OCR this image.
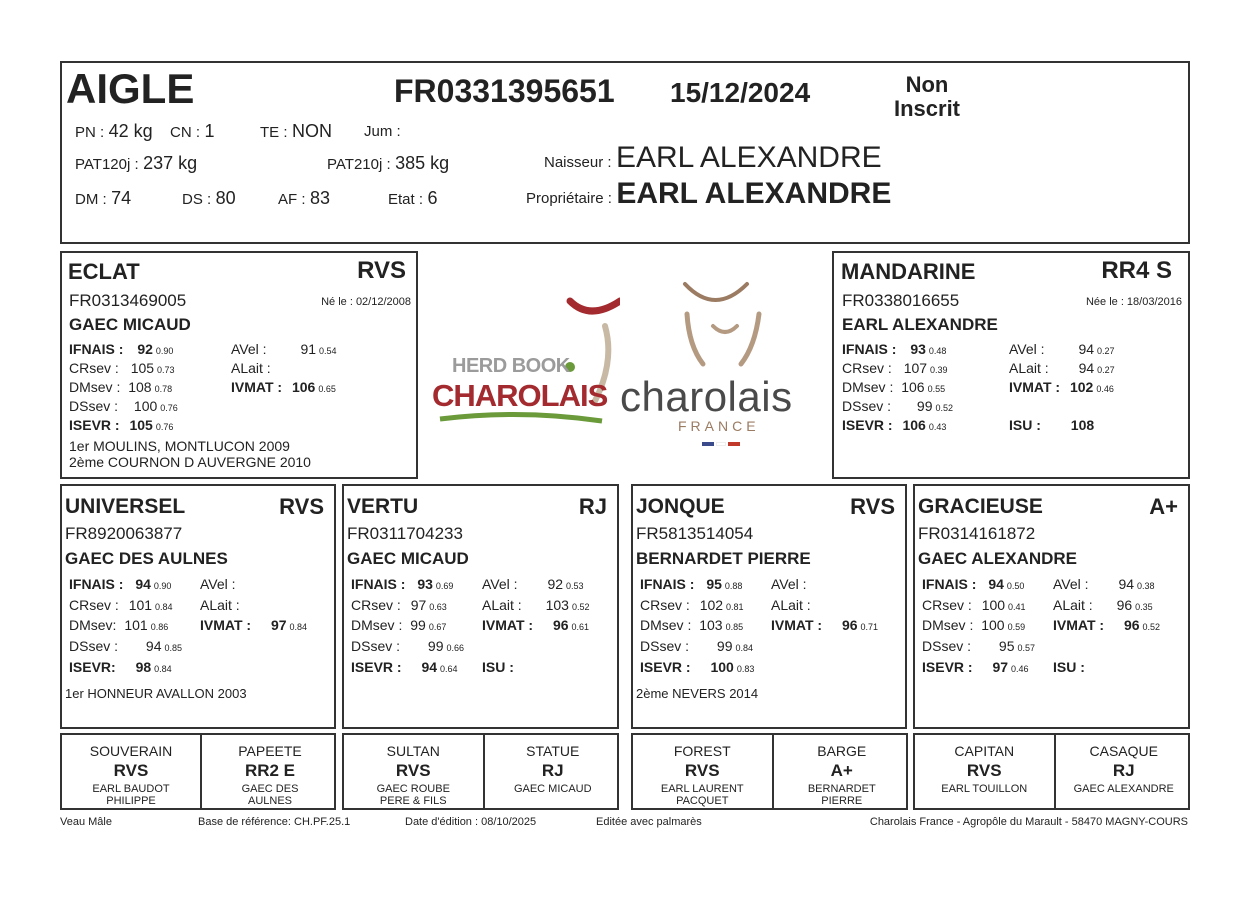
AIGLE	FR0331395651 15/12/2024	Non
Inscrit
PN : 42 kg CN : 1	TE : NON Jum :
PAT120j : 237 kg	PAT210j : 385 kg
DM : 74	DS : 80	AF : 83	Etat : 6
Naisseur : EARL ALEXANDRE
Propriétaire : EARL ALEXANDRE
ECLAT	RVS
FR0313469005	Né le : 02/12/2008
GAEC MICAUD
IFNAIS : 92 0.90	AVel : 91 0.54
CRsev : 105 0.73	ALait :
DMsev : 108 0.78	IVMAT : 106 0.65
DSsev : 100 0.76
ISEVR : 105 0.76
1er MOULINS, MONTLUCON 2009
2ème COURNON D AUVERGNE 2010
HERD BOOK
CHAROLAIS charolais
FRANCE
MANDARINE	RR4 S
FR0338016655	Née le : 18/03/2016
EARL ALEXANDRE
IFNAIS : 93 0.48	AVel : 94 0.27
CRsev : 107 0.39	ALait : 94 0.27
DMsev : 106 0.55	IVMAT : 102 0.46
DSsev : 99 0.52
ISEVR : 106 0.43	ISU : 108
UNIVERSEL	RVS
FR8920063877
GAEC DES AULNES
IFNAIS : 94 0.90 AVel :
CRsev : 101 0.84 ALait :
DMsev: 101 0.86 IVMAT : 97 0.84
DSsev : 94 0.85
ISEVR: 98 0.84
1er HONNEUR AVALLON 2003
VERTU	RJ
FR0311704233
GAEC MICAUD
IFNAIS : 93 0.69 AVel : 92 0.53
CRsev : 97 0.63	ALait : 103 0.52
DMsev : 99 0.67	IVMAT : 96 0.61
DSsev : 99 0.66
ISEVR : 94 0.64 ISU :
JONQUE	RVS
FR5813514054
BERNARDET PIERRE
IFNAIS : 95 0.88 AVel :
CRsev : 102 0.81 ALait :
DMsev : 103 0.85 IVMAT : 96 0.71
DSsev : 99 0.84
ISEVR : 100 0.83
2ème NEVERS 2014
GRACIEUSE	A+
FR0314161872
GAEC ALEXANDRE
IFNAIS : 94 0.50 AVel : 94 0.38
CRsev : 100 0.41 ALait : 96 0.35
DMsev : 100 0.59 IVMAT : 96 0.52
DSsev : 95 0.57
ISEVR : 97 0.46 ISU :
SOUVERAIN
RVS
EARL BAUDOT PHILIPPE
PAPEETE
RR2 E
GAEC DES AULNES
SULTAN
RVS
GAEC ROUBE PERE & FILS
STATUE
RJ
GAEC MICAUD
FOREST
RVS
EARL LAURENT PACQUET
BARGE
A+
BERNARDET PIERRE
CAPITAN
RVS
EARL TOUILLON
CASAQUE
RJ
GAEC ALEXANDRE
Veau Mâle	Base de référence: CH.PF.25.1	Date d'édition : 08/10/2025	Editée avec palmarès	Charolais France - Agropôle du Marault - 58470 MAGNY-COURS
